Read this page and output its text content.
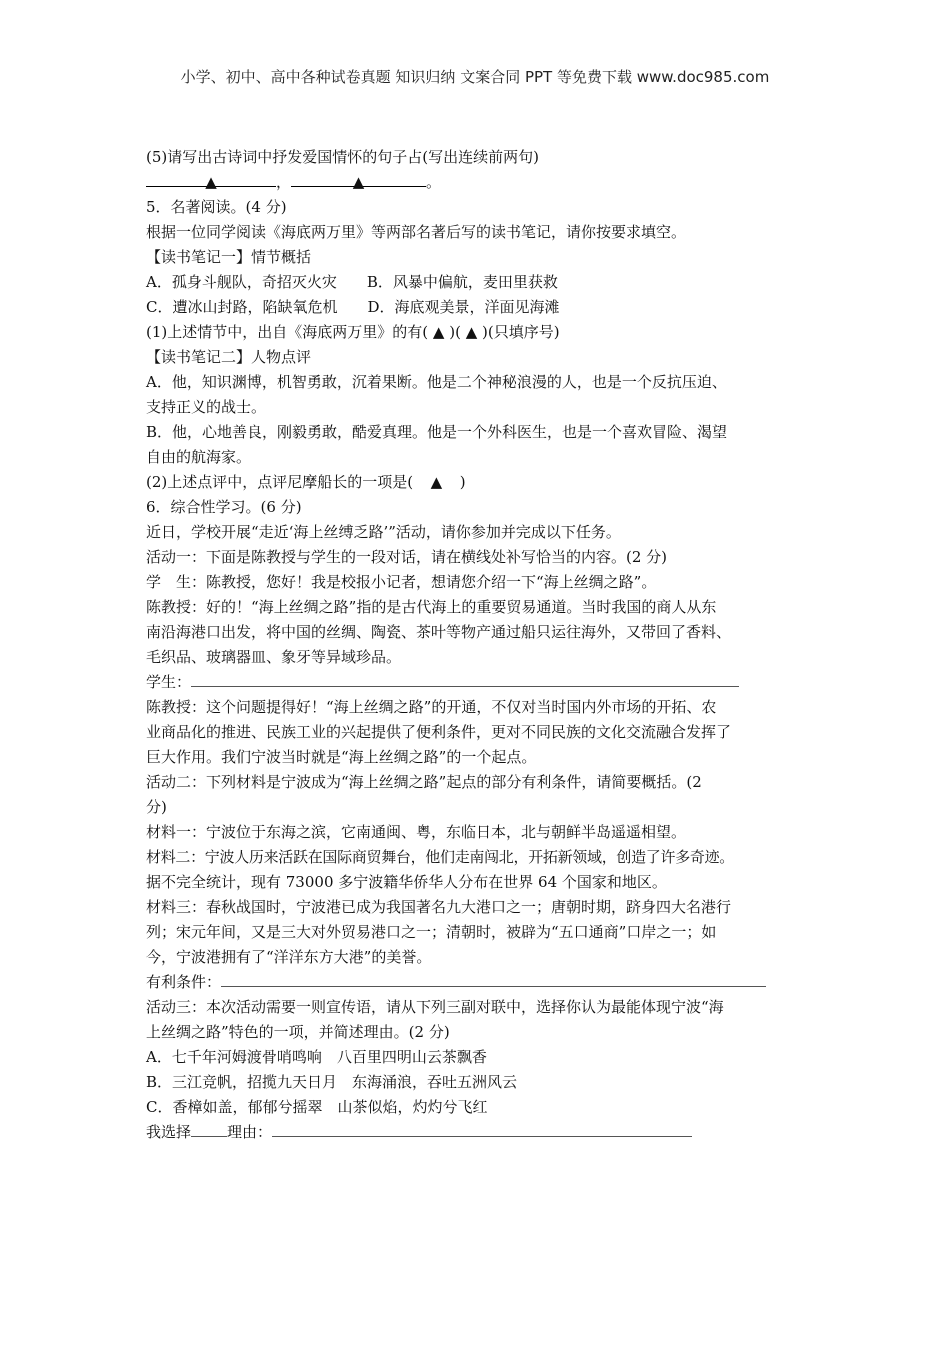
小学、初中、高中各种试卷真题 知识归纳 文案合同 PPT 等免费下载 www.doc985.com
(5)请写出古诗词中抒发爱国情怀的句子占(写出连续前两句)
▲	，	▲	。
5．名著阅读。(4 分)
根据一位同学阅读《海底两万里》等两部名著后写的读书笔记，请你按要求填空。
【读书笔记一】情节概括
A．孤身斗舰队，奇招灭火灾　　B．风暴中偏航，麦田里获救
C．遭冰山封路，陷缺氧危机　　D．海底观美景，洋面见海滩
(1)上述情节中，出自《海底两万里》的有( ▲ )( ▲ )(只填序号)
【读书笔记二】人物点评
A．他，知识渊博，机智勇敢，沉着果断。他是二个神秘浪漫的人，也是一个反抗压迫、
支持正义的战士。
B．他，心地善良，刚毅勇敢，酷爱真理。他是一个外科医生，也是一个喜欢冒险、渴望
自由的航海家。
(2)上述点评中，点评尼摩船长的一项是( ▲ )
6．综合性学习。(6 分)
近日，学校开展“走近‘海上丝缚乏路’”活动，请你参加并完成以下任务。
活动一：下面是陈教授与学生的一段对话，请在横线处补写恰当的内容。(2 分)
学　生：陈教授，您好！我是校报小记者，想请您介绍一下“海上丝绸之路”。
陈教授：好的！“海上丝绸之路”指的是古代海上的重要贸易通道。当时我国的商人从东
南沿海港口出发，将中国的丝绸、陶瓷、茶叶等物产通过船只运往海外，又带回了香料、
毛织品、玻璃器皿、象牙等异域珍品。
学生：
陈教授：这个问题提得好！“海上丝绸之路”的开通，不仅对当时国内外市场的开拓、农
业商品化的推进、民族工业的兴起提供了便利条件，更对不同民族的文化交流融合发挥了
巨大作用。我们宁波当时就是“海上丝绸之路”的一个起点。
活动二：下列材料是宁波成为“海上丝绸之路”起点的部分有利条件，请简要概括。(2
分)
材料一：宁波位于东海之滨，它南通闽、粤，东临日本，北与朝鲜半岛遥遥相望。
材料二：宁波人历来活跃在国际商贸舞台，他们走南闯北，开拓新领域，创造了许多奇迹。
据不完全统计，现有 73000 多宁波籍华侨华人分布在世界 64 个国家和地区。
材料三：春秋战国时，宁波港已成为我国著名九大港口之一；唐朝时期，跻身四大名港行
列；宋元年间，又是三大对外贸易港口之一；清朝时，被辟为“五口通商”口岸之一；如
今，宁波港拥有了“洋洋东方大港”的美誉。
有利条件：
活动三：本次活动需要一则宣传语，请从下列三副对联中，选择你认为最能体现宁波“海
上丝绸之路”特色的一项，并简述理由。(2 分)
A．七千年河姆渡骨哨鸣响　八百里四明山云茶飘香
B．三江竞帆，招揽九天日月　东海涌浪，吞吐五洲风云
C．香樟如盖，郁郁兮摇翠　山茶似焰，灼灼兮飞红
我选择 理由：
